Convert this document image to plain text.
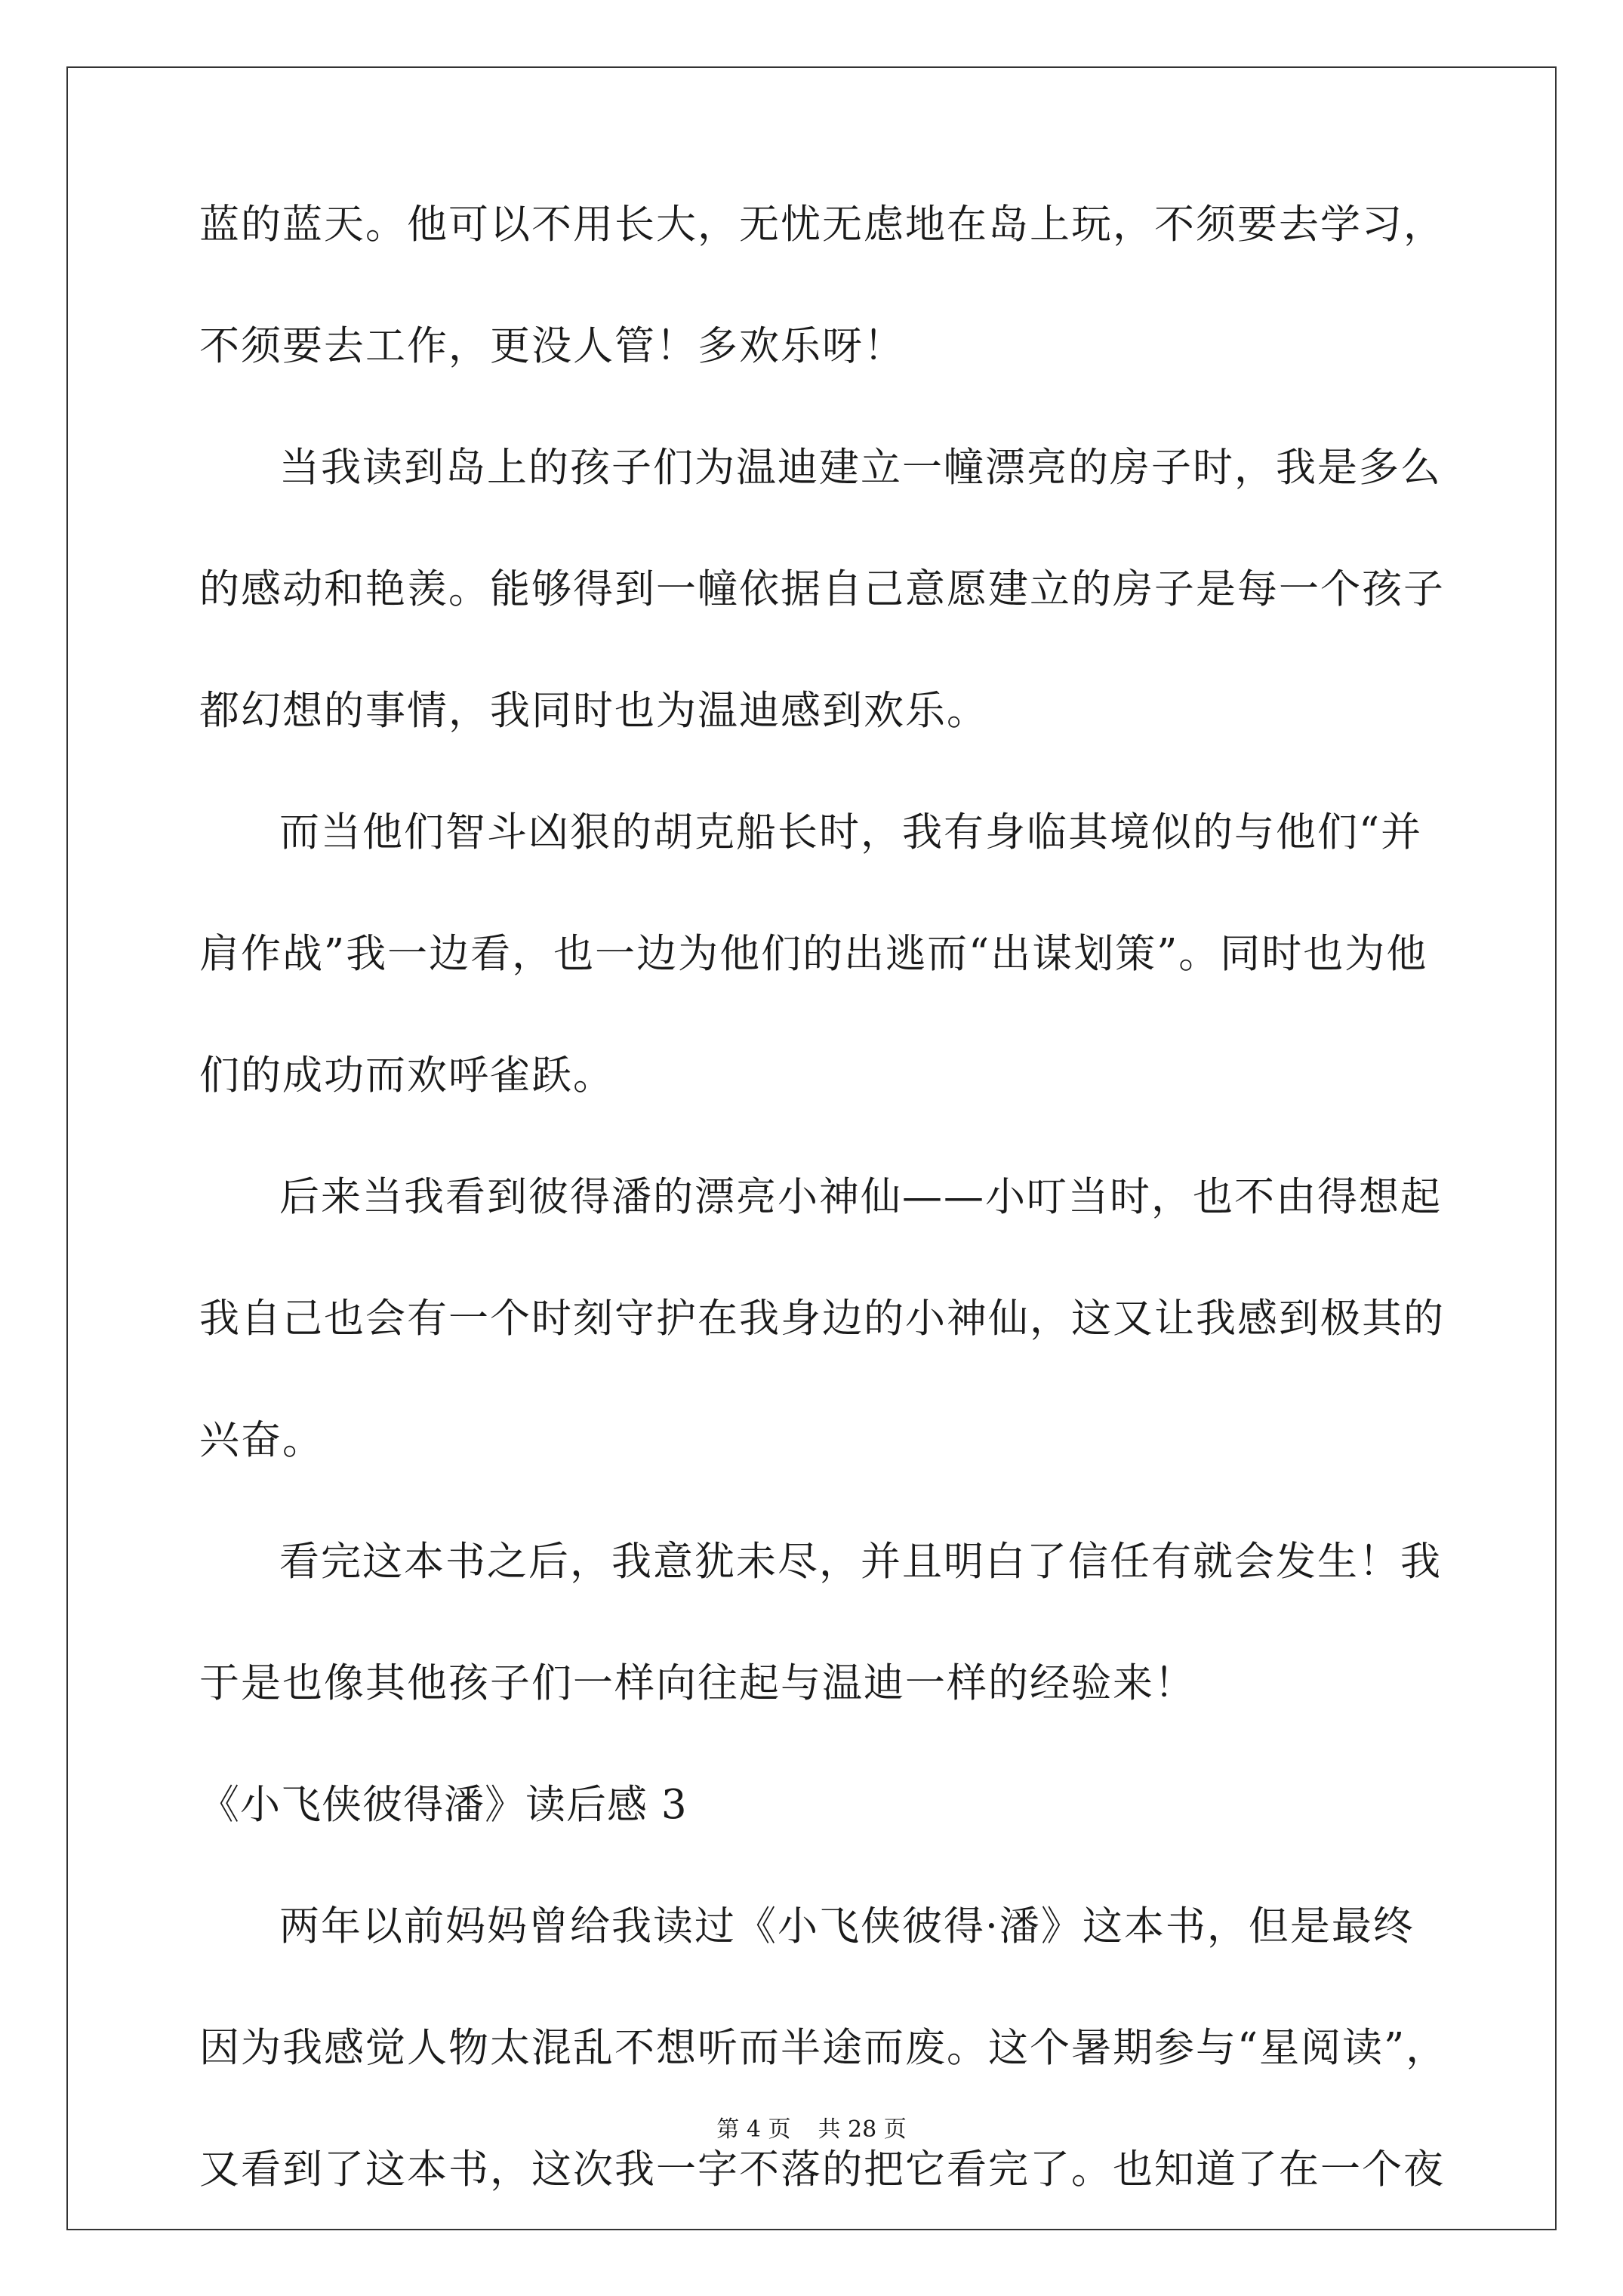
蓝的蓝天。他可以不用长大，无忧无虑地在岛上玩，不须要去学习，
不须要去工作，更没人管！多欢乐呀！
当我读到岛上的孩子们为温迪建立一幢漂亮的房子时，我是多么
的感动和艳羡。能够得到一幢依据自己意愿建立的房子是每一个孩子
都幻想的事情，我同时也为温迪感到欢乐。
而当他们智斗凶狠的胡克船长时，我有身临其境似的与他们“并
肩作战”我一边看，也一边为他们的出逃而“出谋划策”。同时也为他
们的成功而欢呼雀跃。
后来当我看到彼得潘的漂亮小神仙——小叮当时，也不由得想起
我自己也会有一个时刻守护在我身边的小神仙，这又让我感到极其的
兴奋。
看完这本书之后，我意犹未尽，并且明白了信任有就会发生！我
于是也像其他孩子们一样向往起与温迪一样的经验来！
《小飞侠彼得潘》读后感 3
两年以前妈妈曾给我读过《小飞侠彼得·潘》这本书，但是最终
因为我感觉人物太混乱不想听而半途而废。这个暑期参与“星阅读”，
又看到了这本书，这次我一字不落的把它看完了。也知道了在一个夜
第 4 页 共 28 页
